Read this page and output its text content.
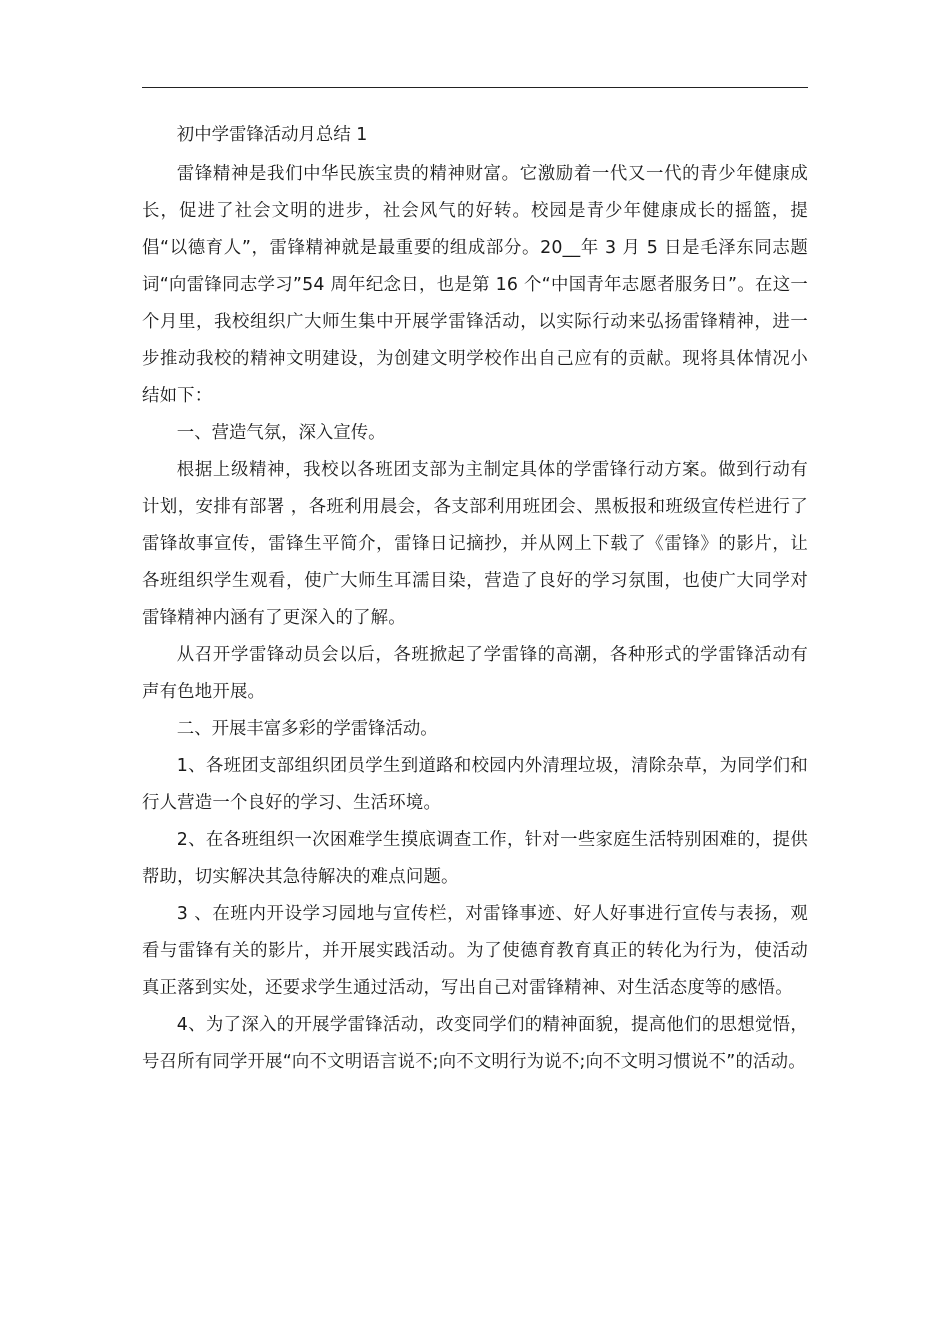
初中学雷锋活动月总结 1

雷锋精神是我们中华民族宝贵的精神财富。它激励着一代又一代的青少年健康成长，促进了社会文明的进步，社会风气的好转。校园是青少年健康成长的摇篮，提倡“以德育人”，雷锋精神就是最重要的组成部分。20__年 3 月 5 日是毛泽东同志题词“向雷锋同志学习”54 周年纪念日，也是第 16 个“中国青年志愿者服务日”。在这一个月里，我校组织广大师生集中开展学雷锋活动，以实际行动来弘扬雷锋精神，进一步推动我校的精神文明建设，为创建文明学校作出自己应有的贡献。现将具体情况小结如下：

一、营造气氛，深入宣传。

根据上级精神，我校以各班团支部为主制定具体的学雷锋行动方案。做到行动有计划，安排有部署 ，各班利用晨会，各支部利用班团会、黑板报和班级宣传栏进行了雷锋故事宣传，雷锋生平简介，雷锋日记摘抄，并从网上下载了《雷锋》的影片，让各班组织学生观看，使广大师生耳濡目染，营造了良好的学习氛围，也使广大同学对雷锋精神内涵有了更深入的了解。

从召开学雷锋动员会以后，各班掀起了学雷锋的高潮，各种形式的学雷锋活动有声有色地开展。

二、开展丰富多彩的学雷锋活动。

1、各班团支部组织团员学生到道路和校园内外清理垃圾，清除杂草，为同学们和行人营造一个良好的学习、生活环境。

2、在各班组织一次困难学生摸底调查工作，针对一些家庭生活特别困难的，提供帮助，切实解决其急待解决的难点问题。

3 、在班内开设学习园地与宣传栏，对雷锋事迹、好人好事进行宣传与表扬，观看与雷锋有关的影片，并开展实践活动。为了使德育教育真正的转化为行为，使活动真正落到实处，还要求学生通过活动，写出自己对雷锋精神、对生活态度等的感悟。

4、为了深入的开展学雷锋活动，改变同学们的精神面貌，提高他们的思想觉悟，号召所有同学开展“向不文明语言说不;向不文明行为说不;向不文明习惯说不”的活动。
